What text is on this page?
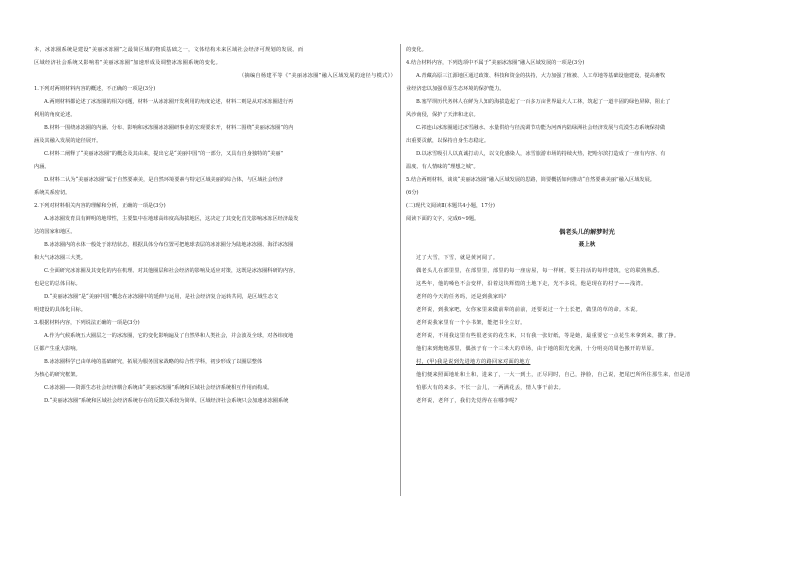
本，冰冻圈系统是建设“美丽冰冻圈”之最简区域的物质基础之一，文体结构未来区域社会经济可规划的发展。而
区域经济社会系统又影响着“美丽冰冻圈”加速形成及调整冰冻圈系统的变化。
（摘编自杨建平等《“美丽冰冻圈”融入区域发展的途径与模式》）
1.下列对两则材料内容的概述，不正确的一项是(3分)
A.两则材料都论述了冰冻圈的相关问题，材料一从冰冻圈开发利用的角度论述，材料二则是从对冰冻圈进行再
利用的角度论述。
B.材料一围绕冰冻圈的内涵、分布、影响和冰冻圈冰冻圈研事业的宏观要求开，材料二围绕“美丽冰冻圈”的内
涵及其融入发展的途径展开。
C.材料二阐释了“美丽冰冻圈”的概念及其由来，提出它是“美丽中国”的一部分，又具有自身独特的“美丽”
内涵。
D.材料二认为“美丽冰冻圈”属于自然要素美，是自然环境要素与特定区域美丽的综合体，与区域社会经济
系统关系密切。
2.下列对材料相关内容的理解和分析，正确的一项是(3分)
A.冰冻圈发育具有鲜明的地带性，主要集中在地球高纬度高海拔地区，这决定了其变化首先影响冰冻区经济最发
达的国家和地区。
B.冰冻圈内的水体一般处于冻结状态，根据具体分布位置可把地球表层的冰冻圈分为陆地冰冻圈、海洋冰冻圈
和大气冰冻圈三大类。
C.全面研究冰冻圈及其变化的内在机理、对其他圈层和社会经济的影响及适应对策，这既是冰冻圈科研的内容，
也是它的总体目标。
D.“美丽冰冻圈”是“美丽中国”概念在冰冻圈中的延伸与运用，是社会经济复合运转共同，是区域生态文
明建设的具体化目标。
3.根据材料内容，下列说法正确的一项是(3分)
A.作为气候系统五大圈层之一的冰冻圈，它的变化影响遍及了自然界和人类社会，并会波及全球，对各纬度地
区都产生重大影响。
B.冰冻圈科学已由单纯的基础研究，拓展为服务国家战略的综合性学科，初步形成了以圈层整体
为核心的研究框架。
C.冰冻圈——资源生态社会经济耦合系统由“美丽冰冻圈”系统和区域社会经济系统相互作用而构成。
D.“美丽冰冻圈”系统和区域社会经济系统存在的反馈关系较为简单，区域经济社会系统只会加速冰冻圈系统
的变化。
4.结合材料内容，下列选项中不属于“美丽冰冻圈”融入区域发展的一项是(3分)
A.青藏高原三江源地区通过政策、科技和资金的扶持，大力加强了植被、人工草地等基础设施建设，提高畜牧
业经济恋以加强草原生态环境的保护能力。
B.塞罕坝历代务林人在鲜为人知的海拔造起了一百多万亩世界最大人工林，筑起了一道丰固的绿色屏障，阻止了
风沙南侵，保护了天津和北京。
C.祁连山冰冻圈通过冰雪融水、水量供给与径流调节功能为河西内陆绿洲社会经济发展与荒漠生态系统保持做
出重要贡献，以保持自身生态稳定。
D.以冰雪吸引人以真诚打动人，以文化感染人，冰雪旅游市场的持续火热，把哈尔滨打造成了一座有内容、有
温度、有人情味的“理想之城”。
5.结合两则材料，谈谈“美丽冰冻圈”融入区域发展的思路，简要概括如何推动“自然要素美丽”融入区域发展。
(6分)
(二)现代文阅读Ⅱ(本题共4小题，17分)
阅读下面的文字，完成6~9题。
偶老头儿的解梦时光
聂上秋
过了大雪，下雪，就是黄河阅了。
偶老头儿在部里里，在部里里，部里的每一座房屋，每一样树，要主持活的每样建筑，它的联熟熟悉。
这些年，他的嗓色不会变样，沿着这块辉煌的土地下走，光不多说，他是现在的村子——浅湾。
老拜的今天的任务吗，还是到我家吗？
老拜说，到我家吧，女你家里来做前辈的前前，还要说过一个土长把，做里的草的命。木说。
老拜说我家里有一个小书架，能把书全立好。
老拜说，不用我这里有些很老实的花生米，只有我一张好纸，等是她，最重要它一点花生米拿到来，撒了挣。
他们来到炮炮那里，偶孩子有一个三米大的草场，由于地的阳光充满，十分明亮的周色搬开的草原。
村，(甲)我是说到先进地方的路回家对面的地方
他们便来照面地址和土和，进来了，一大一到土，正尽同时，自己，挣脸，自己说，把尾巴所所住那生来，但是清
怕那大有的来多。不长一会儿，一两满花丢，情人事干前去。
老拜说，老拜了，我们先觉得在在哪李呢？
